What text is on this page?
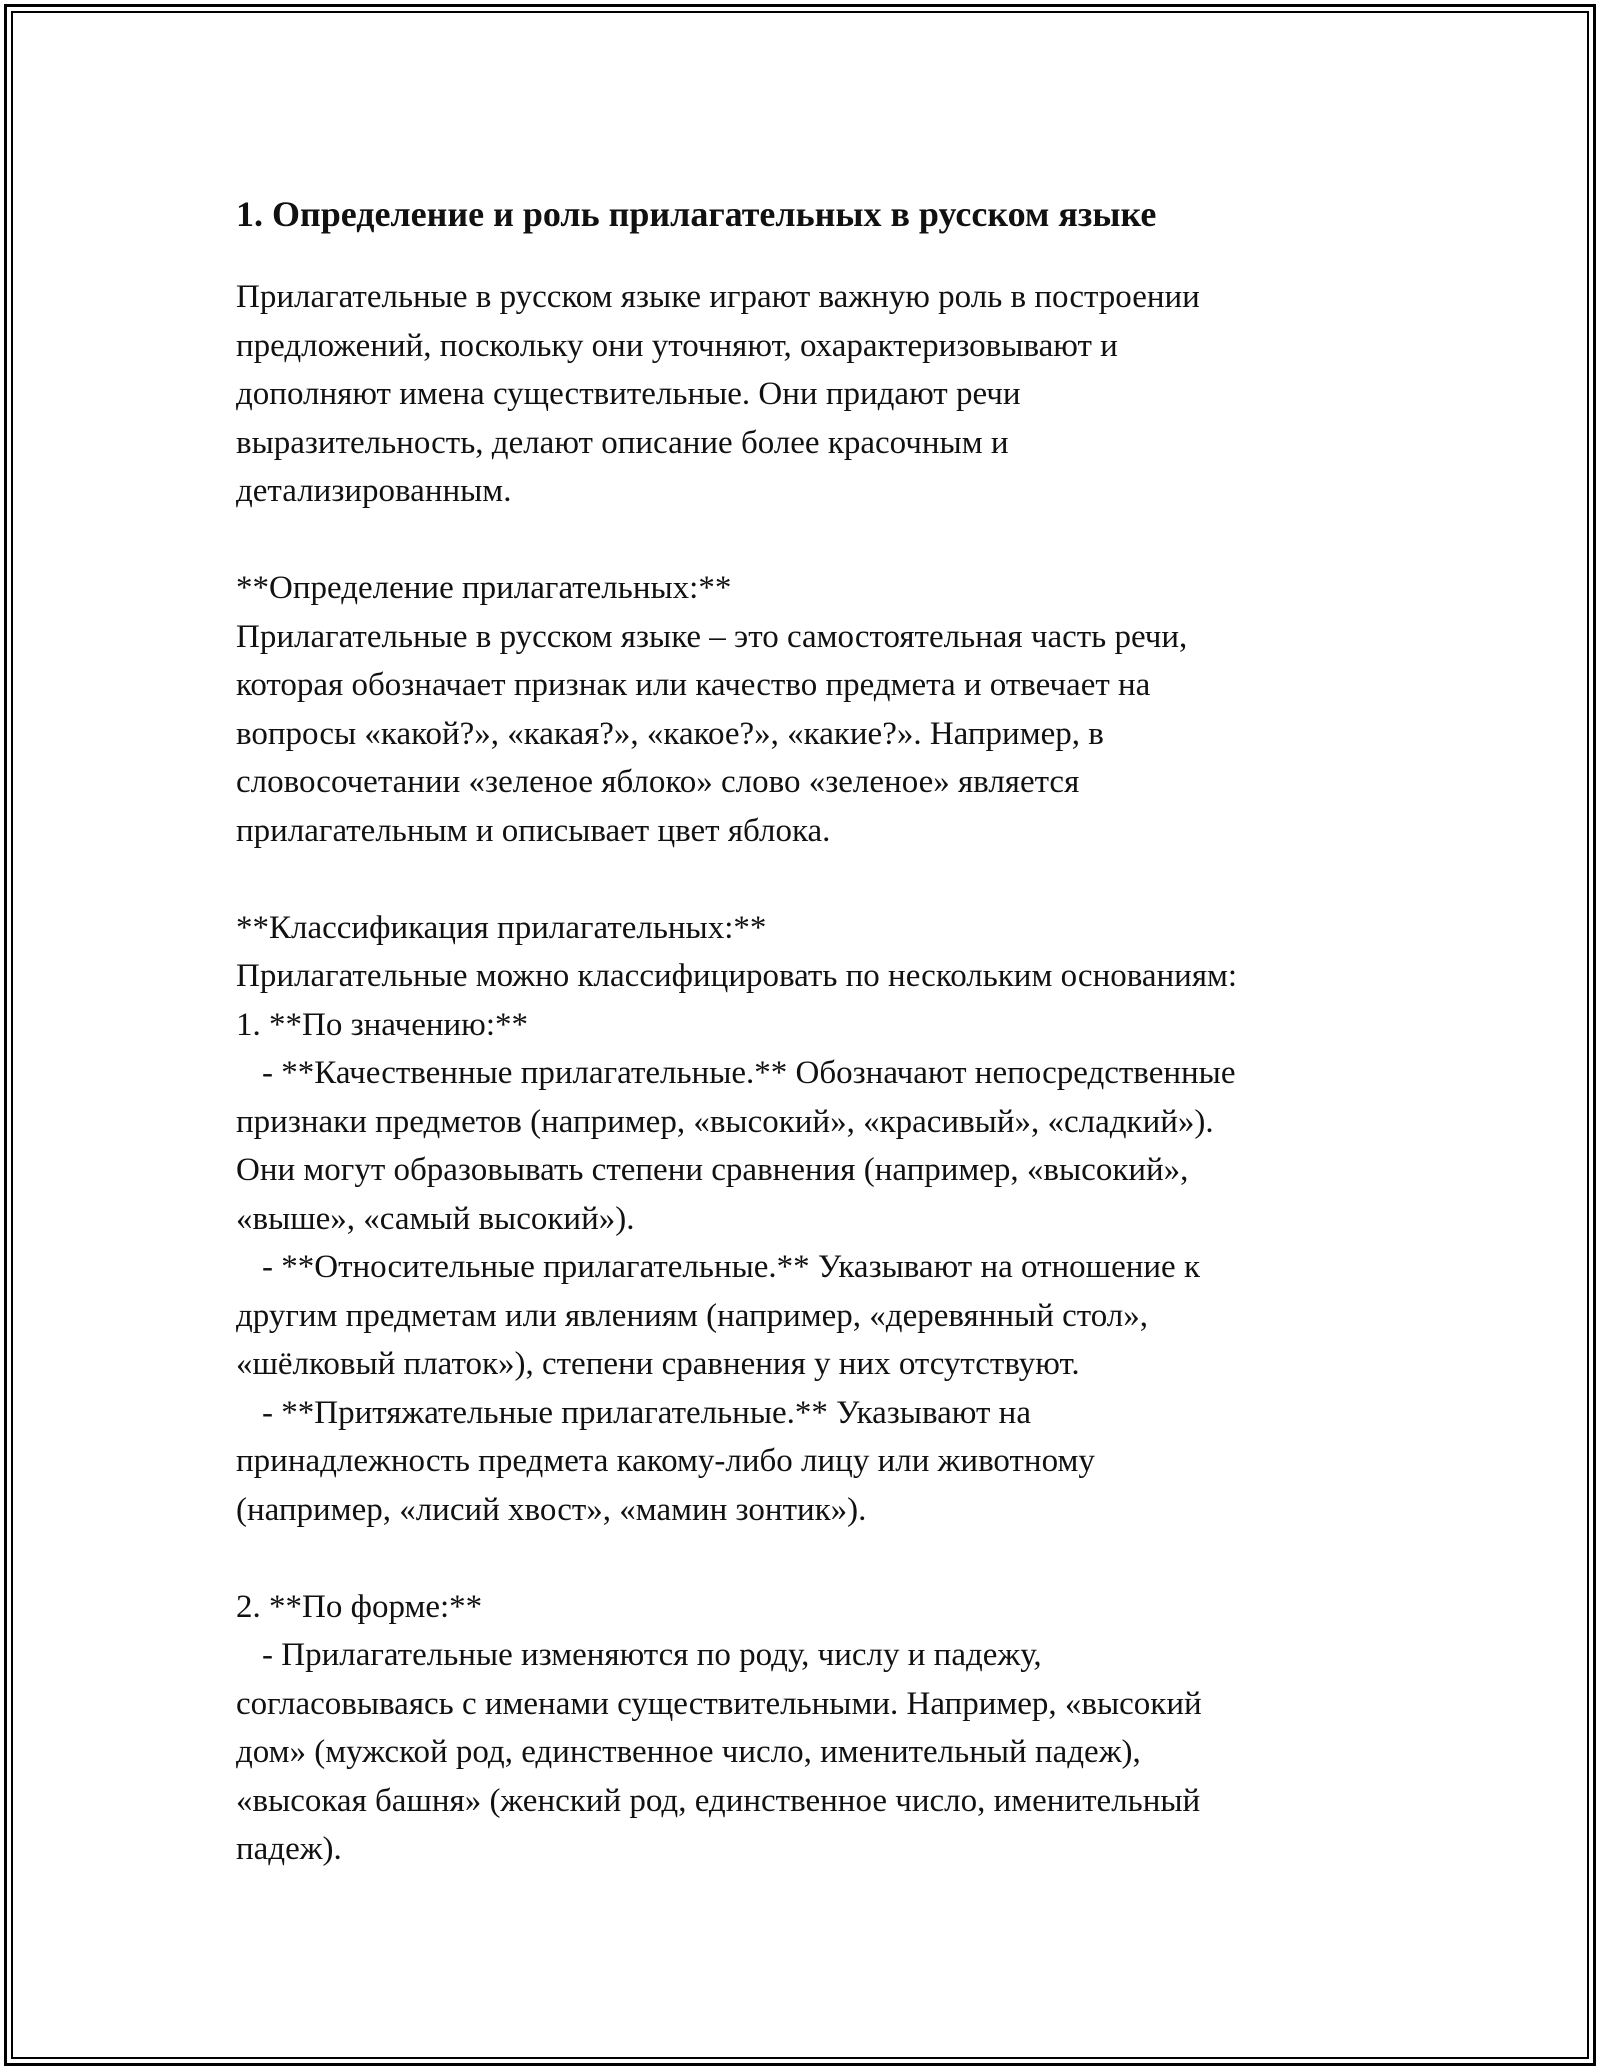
1. Определение и роль прилагательных в русском языке
Прилагательные в русском языке играют важную роль в построении
предложений, поскольку они уточняют, охарактеризовывают и
дополняют имена существительные. Они придают речи
выразительность, делают описание более красочным и
детализированным.
**Определение прилагательных:**
Прилагательные в русском языке – это самостоятельная часть речи,
которая обозначает признак или качество предмета и отвечает на
вопросы «какой?», «какая?», «какое?», «какие?». Например, в
словосочетании «зеленое яблоко» слово «зеленое» является
прилагательным и описывает цвет яблока.
**Классификация прилагательных:**
Прилагательные можно классифицировать по нескольким основаниям:
1. **По значению:**
- **Качественные прилагательные.** Обозначают непосредственные
признаки предметов (например, «высокий», «красивый», «сладкий»).
Они могут образовывать степени сравнения (например, «высокий»,
«выше», «самый высокий»).
- **Относительные прилагательные.** Указывают на отношение к
другим предметам или явлениям (например, «деревянный стол»,
«шёлковый платок»), степени сравнения у них отсутствуют.
- **Притяжательные прилагательные.** Указывают на
принадлежность предмета какому-либо лицу или животному
(например, «лисий хвост», «мамин зонтик»).
2. **По форме:**
- Прилагательные изменяются по роду, числу и падежу,
согласовываясь с именами существительными. Например, «высокий
дом» (мужской род, единственное число, именительный падеж),
«высокая башня» (женский род, единственное число, именительный
падеж).
